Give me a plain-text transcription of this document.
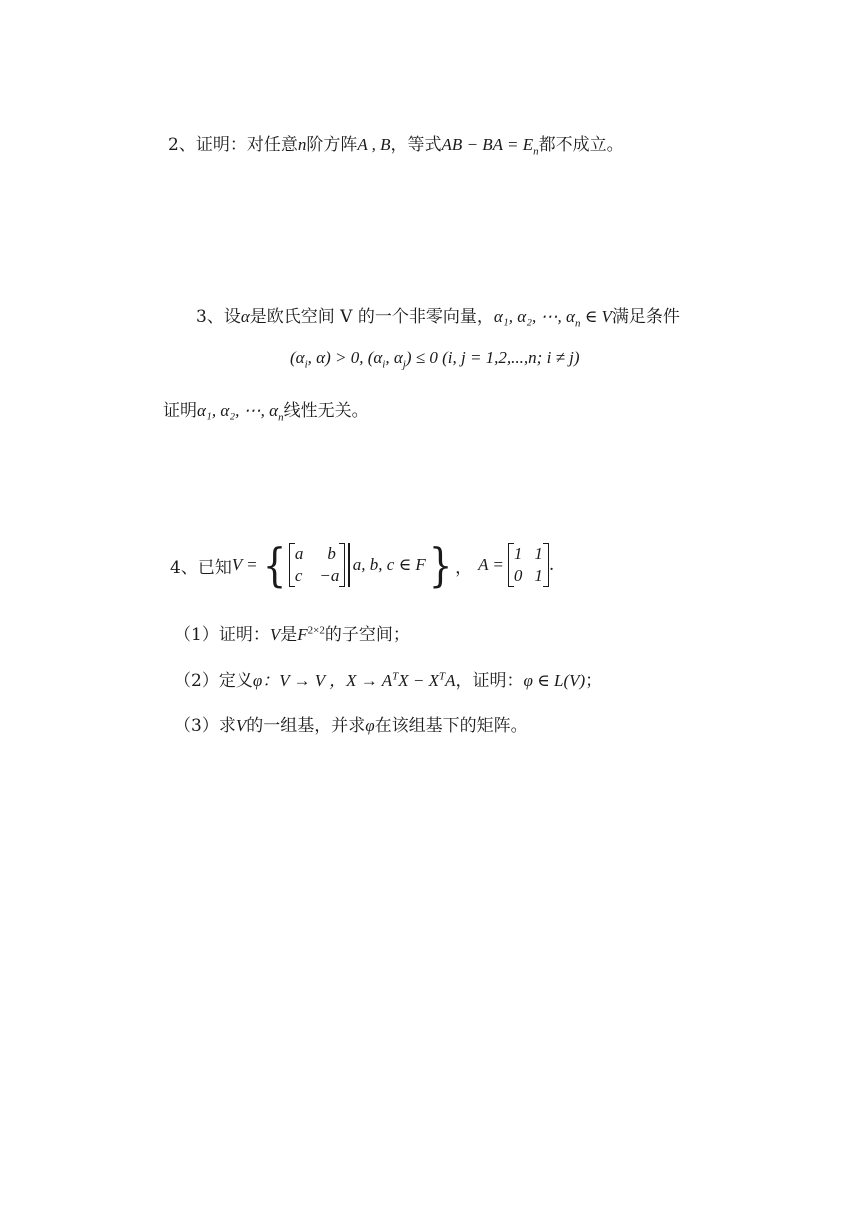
2、证明：对任意n阶方阵A , B，等式AB − BA = $E_n$都不成立。
3、设α是欧氏空间 V 的一个非零向量，α₁, α₂, ⋯, $\alpha_n$ ∈ V满足条件
($\alpha_i$, α) > 0, ($\alpha_i$, $\alpha_j) \le 0$ (i, j = 1,2,...,n; i ≠ j)
证明α₁, α₂, ⋯, $\alpha_n$线性无关。
4、 已知 V = { a	b
c	−a
a, b, c ∈ F } ， A =
1	1
0	1
.
（1）证明：V是$F^{2\times 2}$的子空间；
（2）定义φ：V → V ，$X \to A^TX - X^TA$，证明：φ ∈ L(V)；
（3）求V的一组基，并求φ在该组基下的矩阵。
